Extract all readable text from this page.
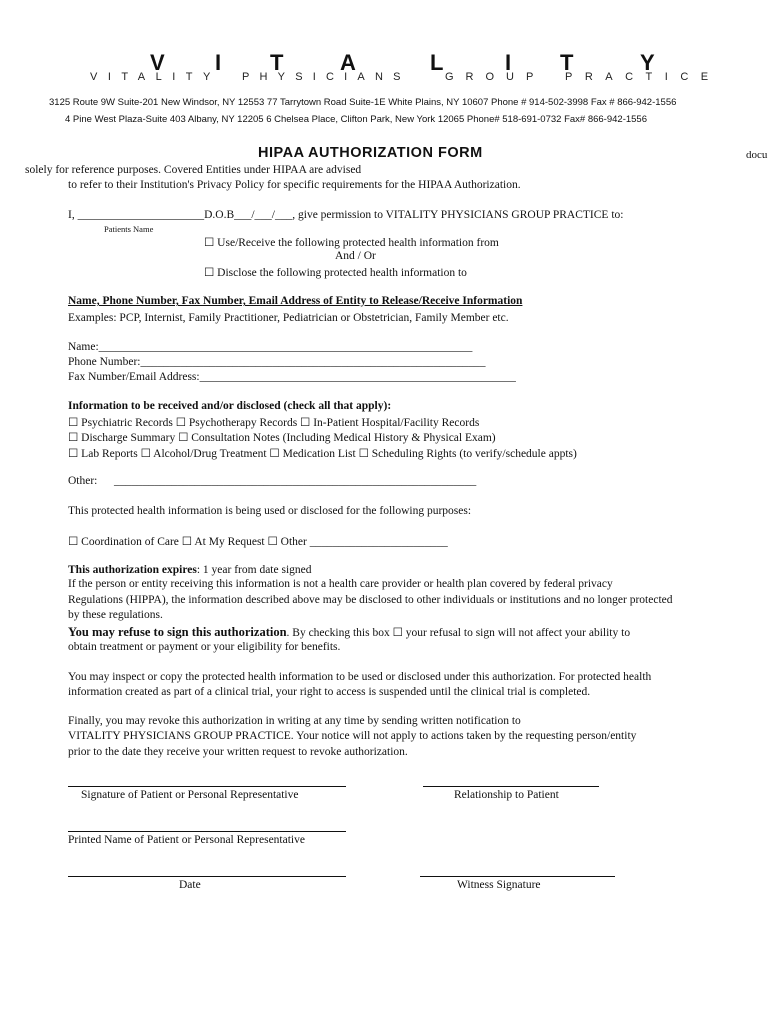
V I T	A	L	I T	Y
VITALITY PHYSICIANS	GROUP PRACTICE
3125 Route 9W Suite-201 New Windsor, NY 12553 77 Tarrytown Road Suite-1E White Plains, NY 10607 Phone # 914-502-3998 Fax # 866-942-1556
4 Pine West Plaza-Suite 403 Albany, NY 12205 6 Chelsea Place, Clifton Park, New York 12065 Phone# 518-691-0732 Fax# 866-942-1556
HIPAA AUTHORIZATION FORM	docu
solely for reference purposes. Covered Entities under HIPAA are advised
to refer to their Institution's Privacy Policy for specific requirements for the HIPAA Authorization.
I, ______________________D.O.B___/___/___, give permission to VITALITY PHYSICIANS GROUP PRACTICE to:
Patients Name
☐ Use/Receive the following protected health information from
And / Or
☐ Disclose the following protected health information to
Name, Phone Number, Fax Number, Email Address of Entity to Release/Receive Information
Examples: PCP, Internist, Family Practitioner, Pediatrician or Obstetrician, Family Member etc.
Name:_________________________________________________________________
Phone Number:____________________________________________________________
Fax Number/Email Address:_______________________________________________________
Information to be received and/or disclosed (check all that apply):
☐ Psychiatric Records ☐ Psychotherapy Records ☐ In-Patient Hospital/Facility Records
☐ Discharge Summary ☐ Consultation Notes (Including Medical History & Physical Exam)
☐ Lab Reports ☐ Alcohol/Drug Treatment ☐ Medication List ☐ Scheduling Rights (to verify/schedule appts)
Other: _______________________________________________________________
This protected health information is being used or disclosed for the following purposes:
☐ Coordination of Care ☐ At My Request ☐ Other ________________________
This authorization expires: 1 year from date signed
If the person or entity receiving this information is not a health care provider or health plan covered by federal privacy
Regulations (HIPPA), the information described above may be disclosed to other individuals or institutions and no longer protected
by these regulations.
You may refuse to sign this authorization. By checking this box ☐ your refusal to sign will not affect your ability to
obtain treatment or payment or your eligibility for benefits.
You may inspect or copy the protected health information to be used or disclosed under this authorization. For protected health
information created as part of a clinical trial, your right to access is suspended until the clinical trial is completed.
Finally, you may revoke this authorization in writing at any time by sending written notification to
VITALITY PHYSICIANS GROUP PRACTICE. Your notice will not apply to actions taken by the requesting person/entity
prior to the date they receive your written request to revoke authorization.
Signature of Patient or Personal Representative	Relationship to Patient
Printed Name of Patient or Personal Representative
Date	Witness Signature
